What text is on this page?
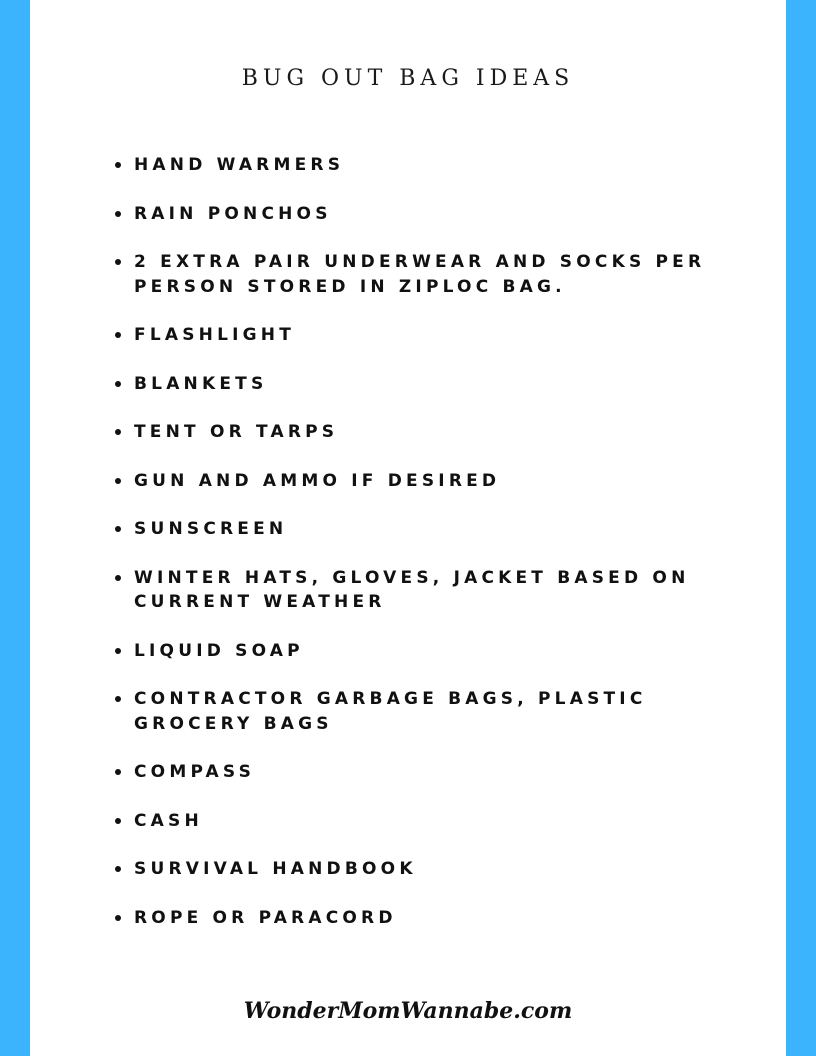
BUG OUT BAG IDEAS
HAND WARMERS
RAIN PONCHOS
2 EXTRA PAIR UNDERWEAR AND SOCKS PER PERSON STORED IN ZIPLOC BAG.
FLASHLIGHT
BLANKETS
TENT OR TARPS
GUN AND AMMO IF DESIRED
SUNSCREEN
WINTER HATS, GLOVES, JACKET BASED ON CURRENT WEATHER
LIQUID SOAP
CONTRACTOR GARBAGE BAGS, PLASTIC GROCERY BAGS
COMPASS
CASH
SURVIVAL HANDBOOK
ROPE OR PARACORD
WonderMomWannabe.com
